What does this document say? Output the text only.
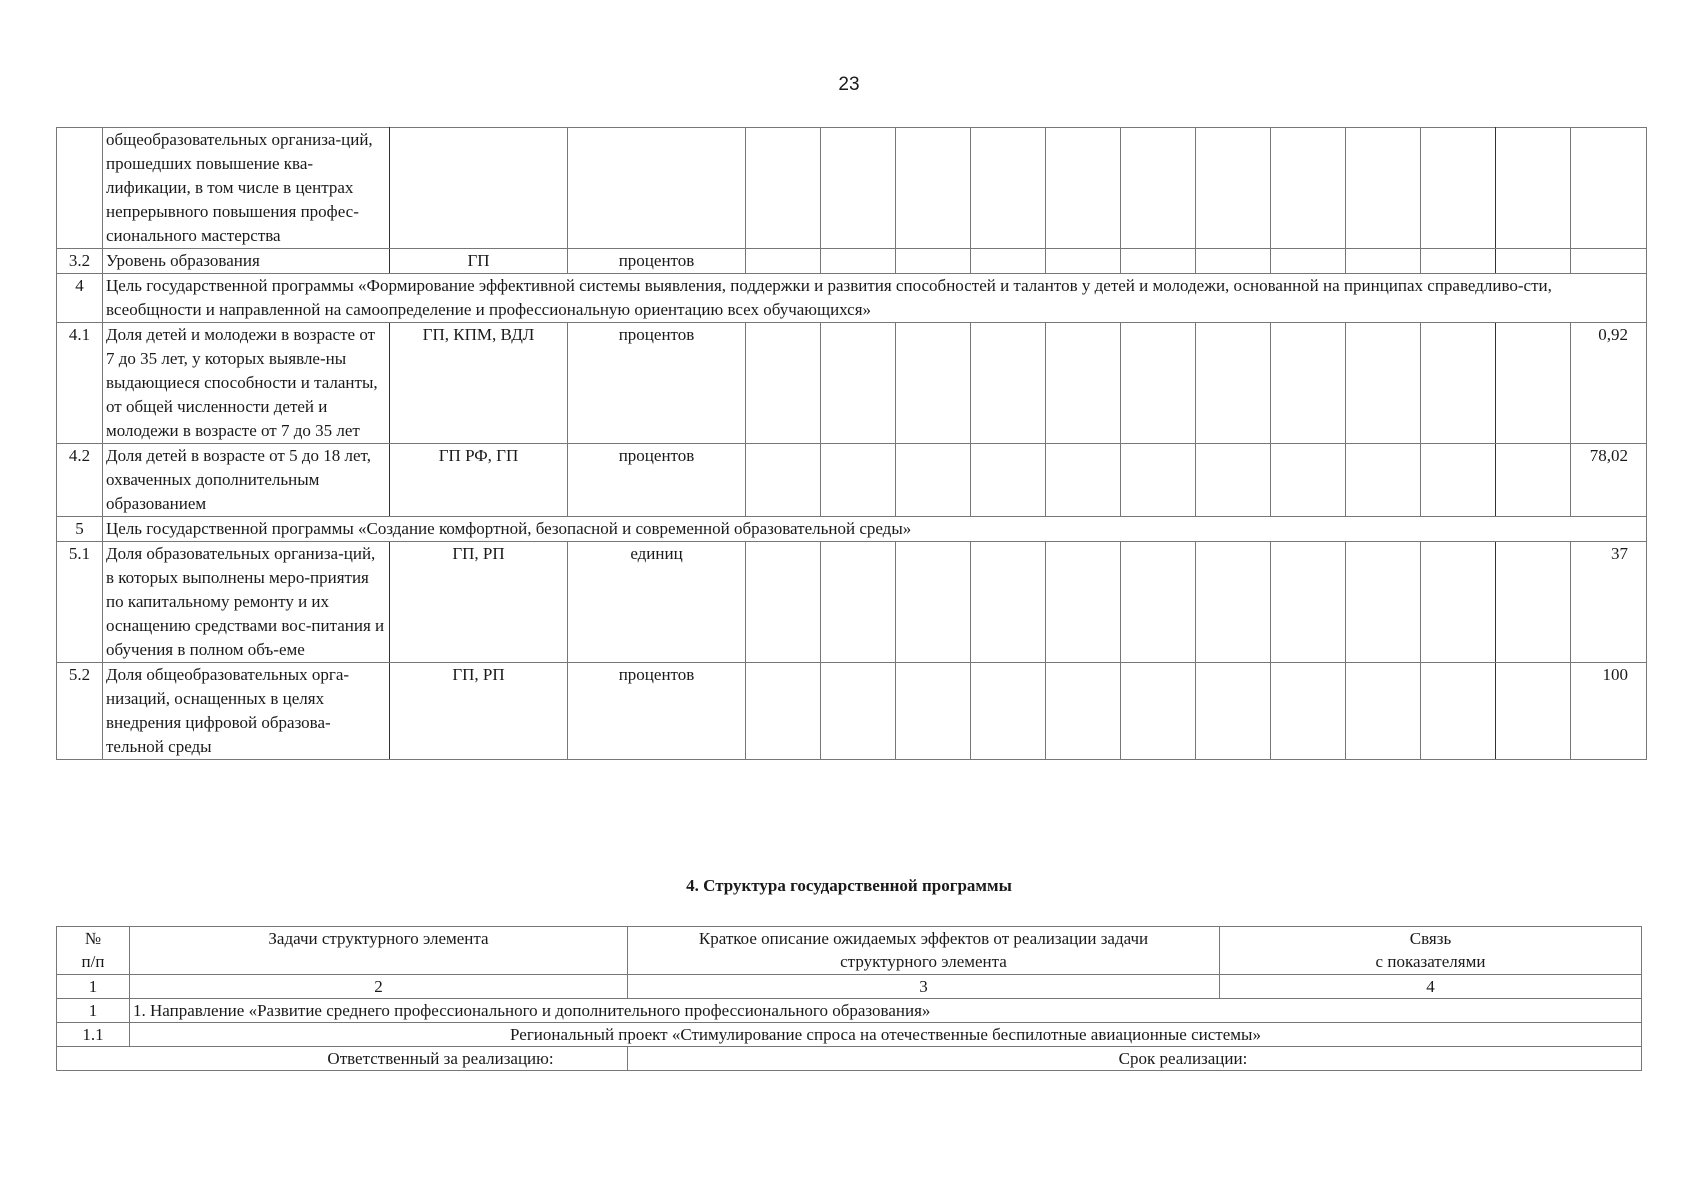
23
	общеобразовательных организа-ций, прошедших повышение ква-лификации, в том числе в центрах непрерывного повышения профес-сионального мастерства														
3.2	Уровень образования	ГП	процентов												
4	Цель государственной программы «Формирование эффективной системы выявления, поддержки и развития способностей и талантов у детей и молодежи, основанной на принципах справедливо-сти, всеобщности и направленной на самоопределение и профессиональную ориентацию всех обучающихся»														
4.1	Доля детей и молодежи в возрасте от 7 до 35 лет, у которых выявле-ны выдающиеся способности и таланты, от общей численности детей и молодежи в возрасте от 7 до 35 лет	ГП, КПМ, ВДЛ	процентов												0,92
4.2	Доля детей в возрасте от 5 до 18 лет, охваченных дополнительным образованием	ГП РФ, ГП	процентов												78,02
5	Цель государственной программы «Создание комфортной, безопасной и современной образовательной среды»														
5.1	Доля образовательных организа-ций, в которых выполнены меро-приятия по капитальному ремонту и их оснащению средствами вос-питания и обучения в полном объ-еме	ГП, РП	единиц												37
5.2	Доля общеобразовательных орга-низаций, оснащенных в целях внедрения цифровой образова-тельной среды	ГП, РП	процентов												100
4. Структура государственной программы
№
п/п	Задачи структурного элемента	Краткое описание ожидаемых эффектов от реализации задачи структурного элемента	Связь
с показателями
1	2	3	4
1	1. Направление «Развитие среднего профессионального и дополнительного профессионального образования»		
1.1	Региональный проект «Стимулирование спроса на отечественные беспилотные авиационные системы»		
Ответственный за реализацию:		Срок реализации:	
